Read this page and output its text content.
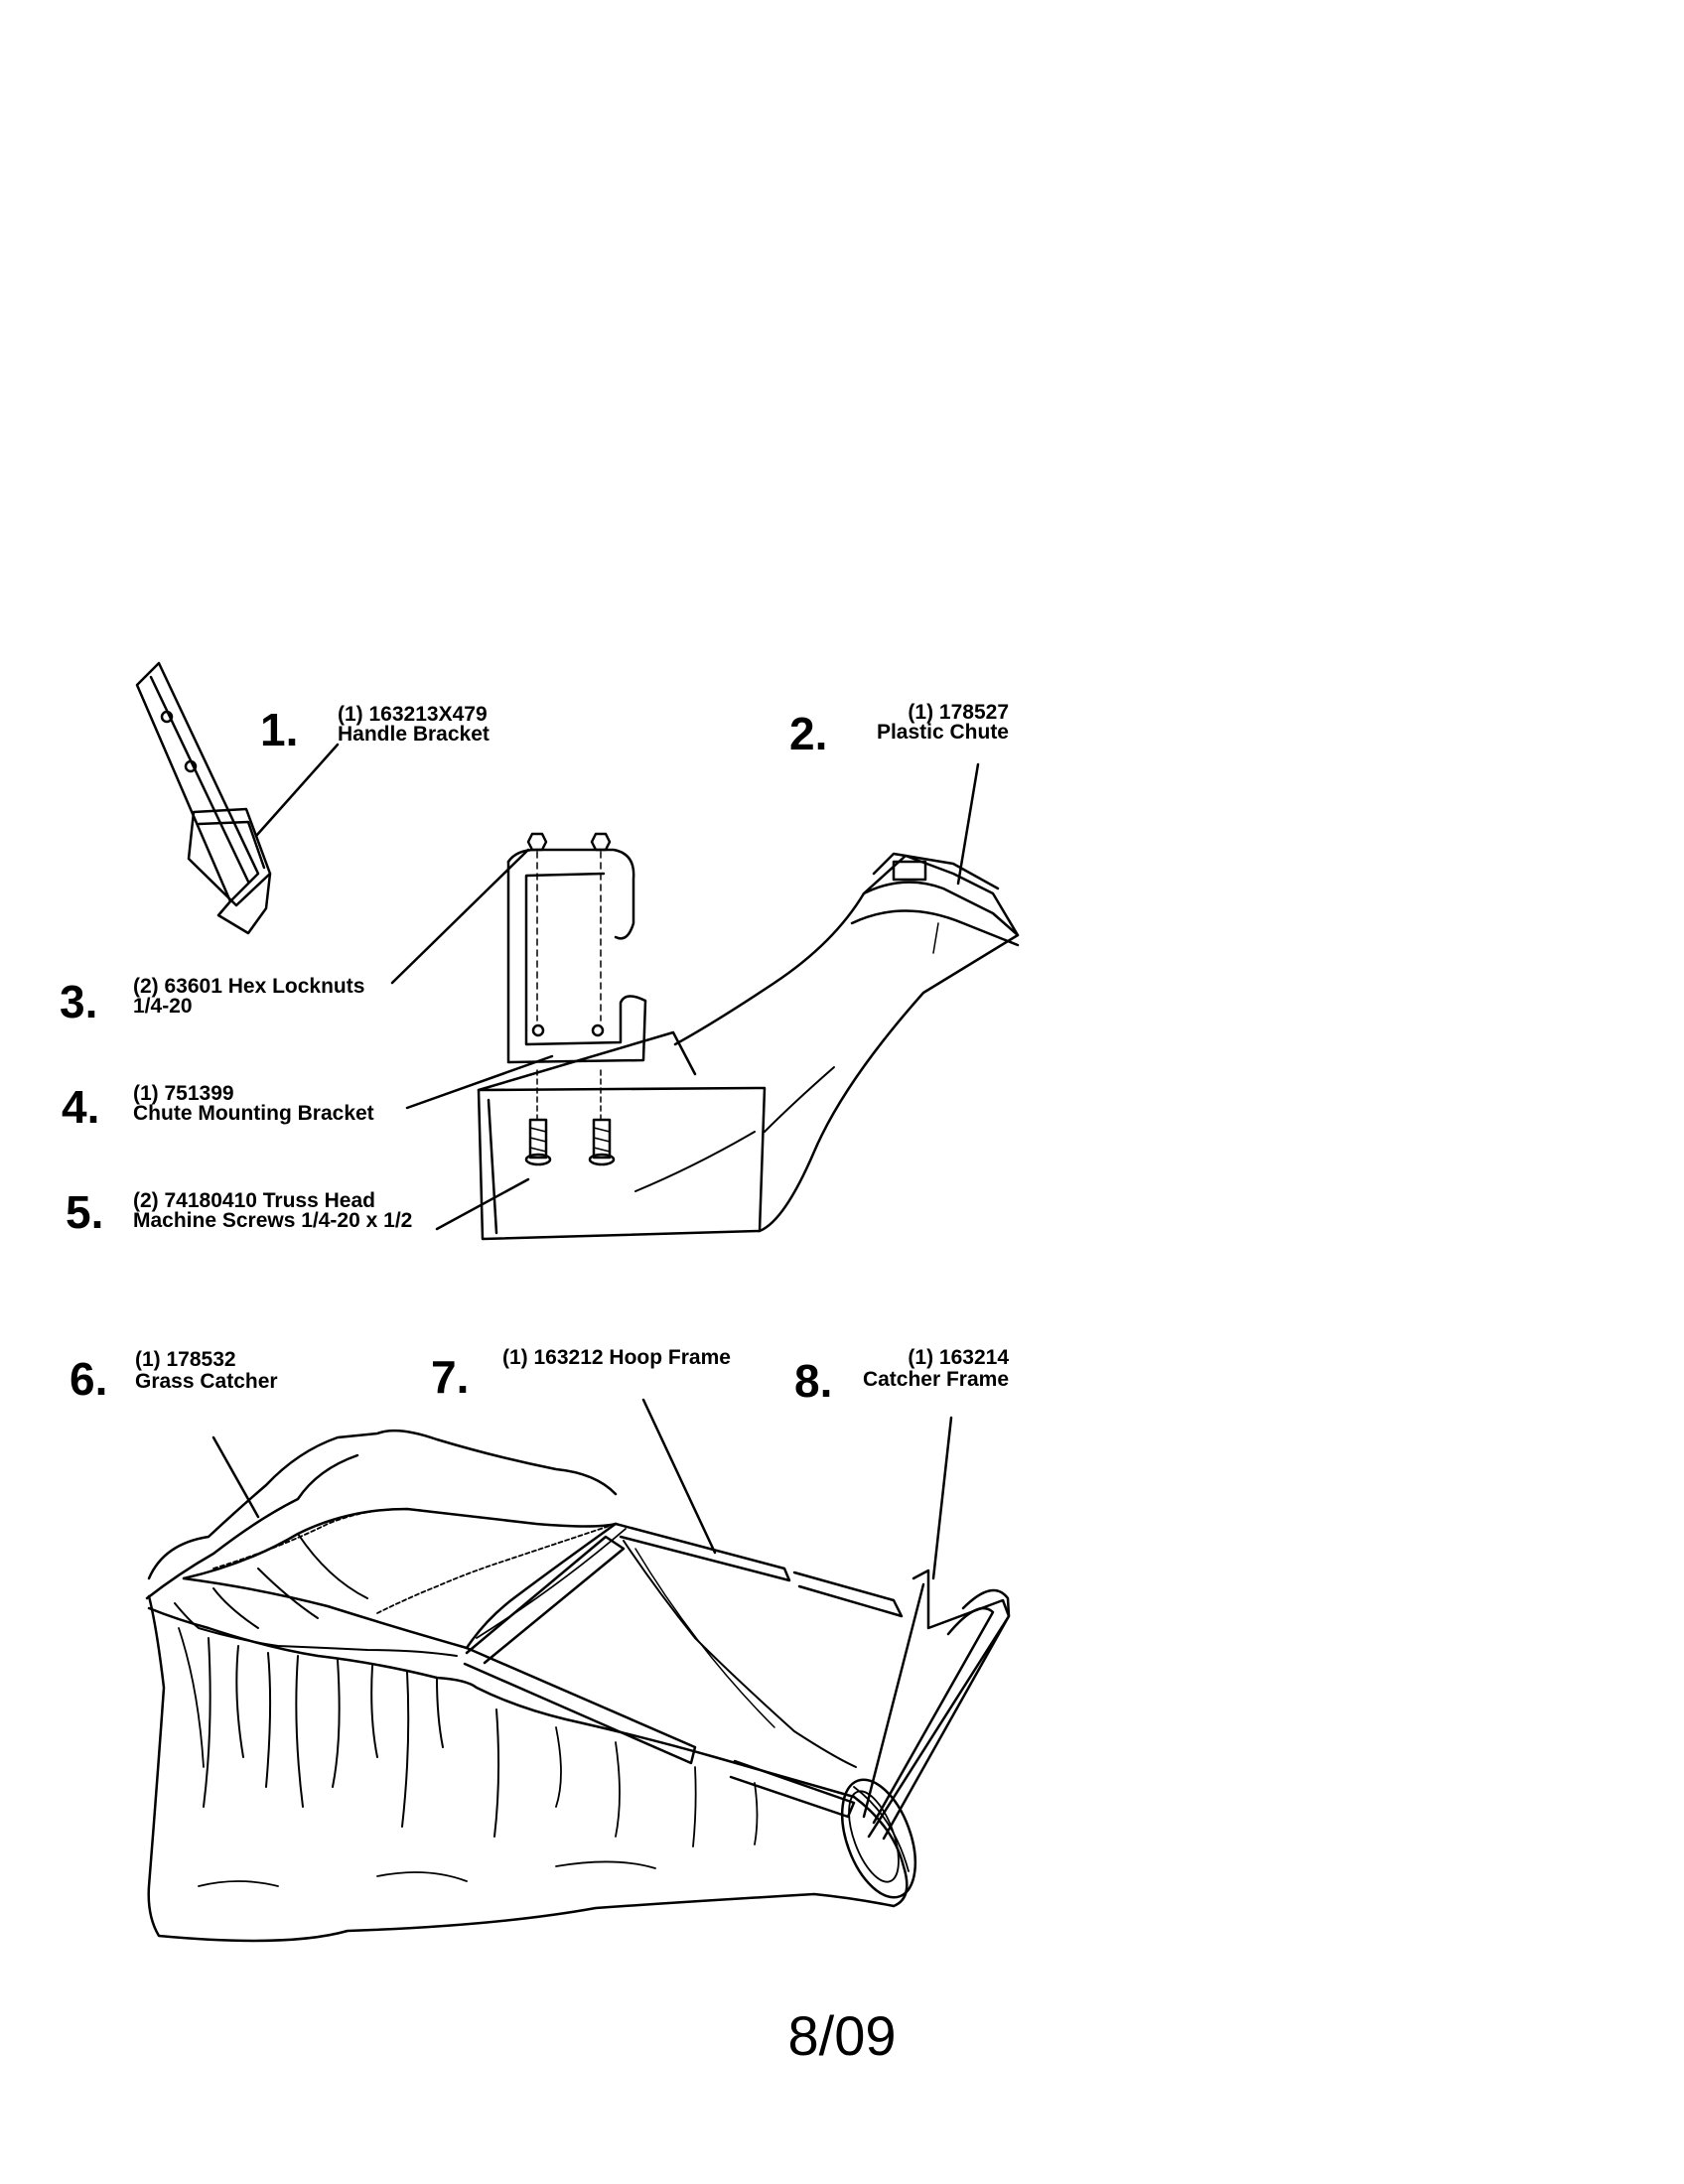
1. (1) 163213X479
Handle Bracket	2.	(1) 178527
Plastic Chute
3. (2) 63601 Hex Locknuts
1/4-20
4. (1) 751399
Chute Mounting Bracket
5. (2) 74180410 Truss Head
Machine Screws 1/4-20 x 1/2
6. (1) 178532
Grass Catcher	7. (1) 163212 Hoop Frame 8.	(1) 163214
Catcher Frame
8/09
